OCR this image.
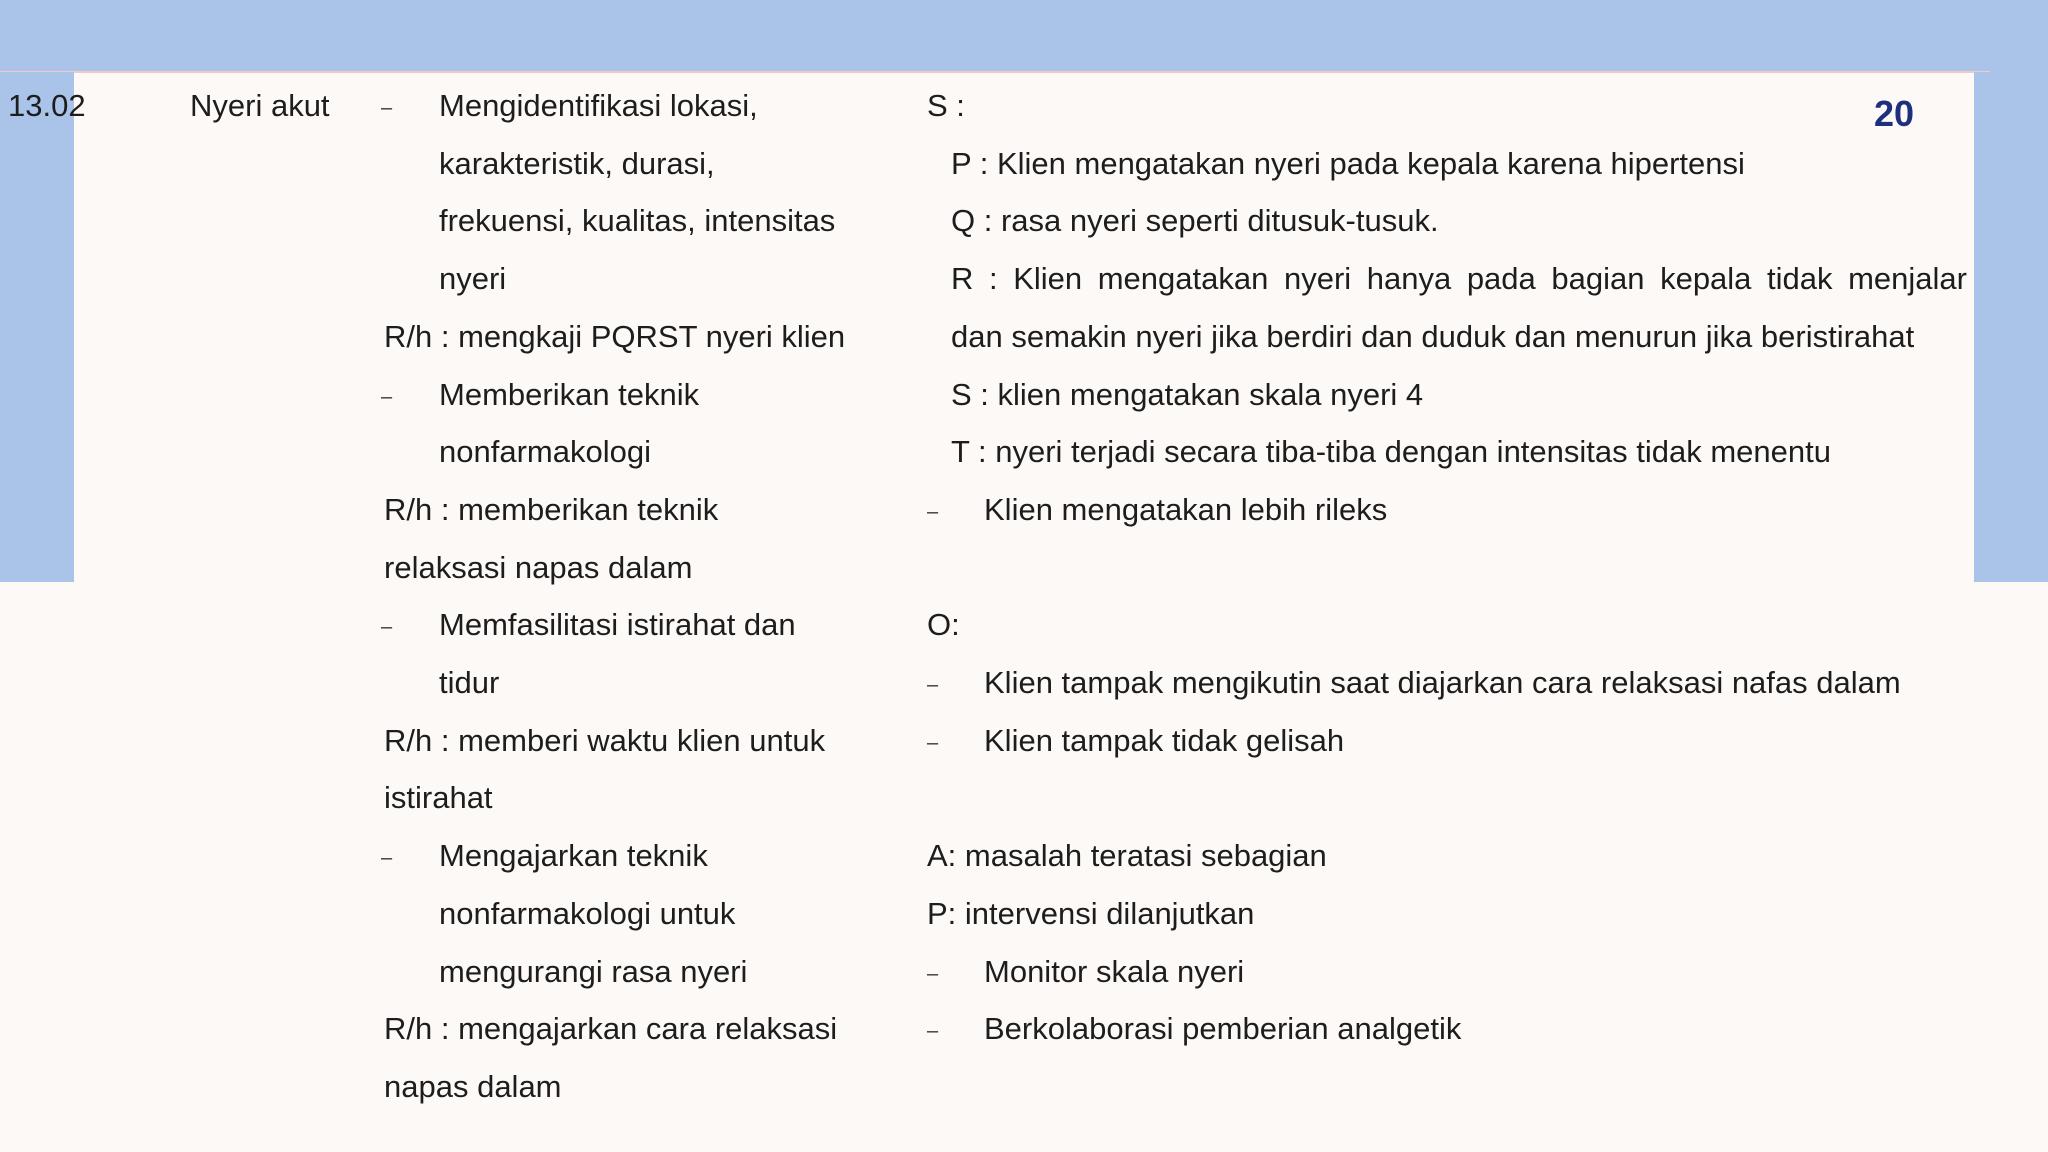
20
13.02	Nyeri akut	– Mengidentifikasi lokasi,
karakteristik, durasi,
frekuensi, kualitas, intensitas
nyeri
R/h : mengkaji PQRST nyeri klien
– Memberikan teknik
nonfarmakologi
R/h : memberikan teknik
relaksasi napas dalam
– Memfasilitasi istirahat dan
tidur
R/h : memberi waktu klien untuk
istirahat
– Mengajarkan teknik
nonfarmakologi untuk
mengurangi rasa nyeri
R/h : mengajarkan cara relaksasi
napas dalam
S :
P : Klien mengatakan nyeri pada kepala karena hipertensi
Q : rasa nyeri seperti ditusuk-tusuk.
R : Klien mengatakan nyeri hanya pada bagian kepala tidak menjalar
dan semakin nyeri jika berdiri dan duduk dan menurun jika beristirahat
S : klien mengatakan skala nyeri 4
T : nyeri terjadi secara tiba-tiba dengan intensitas tidak menentu
– Klien mengatakan lebih rileks
O:
– Klien tampak mengikutin saat diajarkan cara relaksasi nafas dalam
– Klien tampak tidak gelisah
A: masalah teratasi sebagian
P: intervensi dilanjutkan
– Monitor skala nyeri
– Berkolaborasi pemberian analgetik
